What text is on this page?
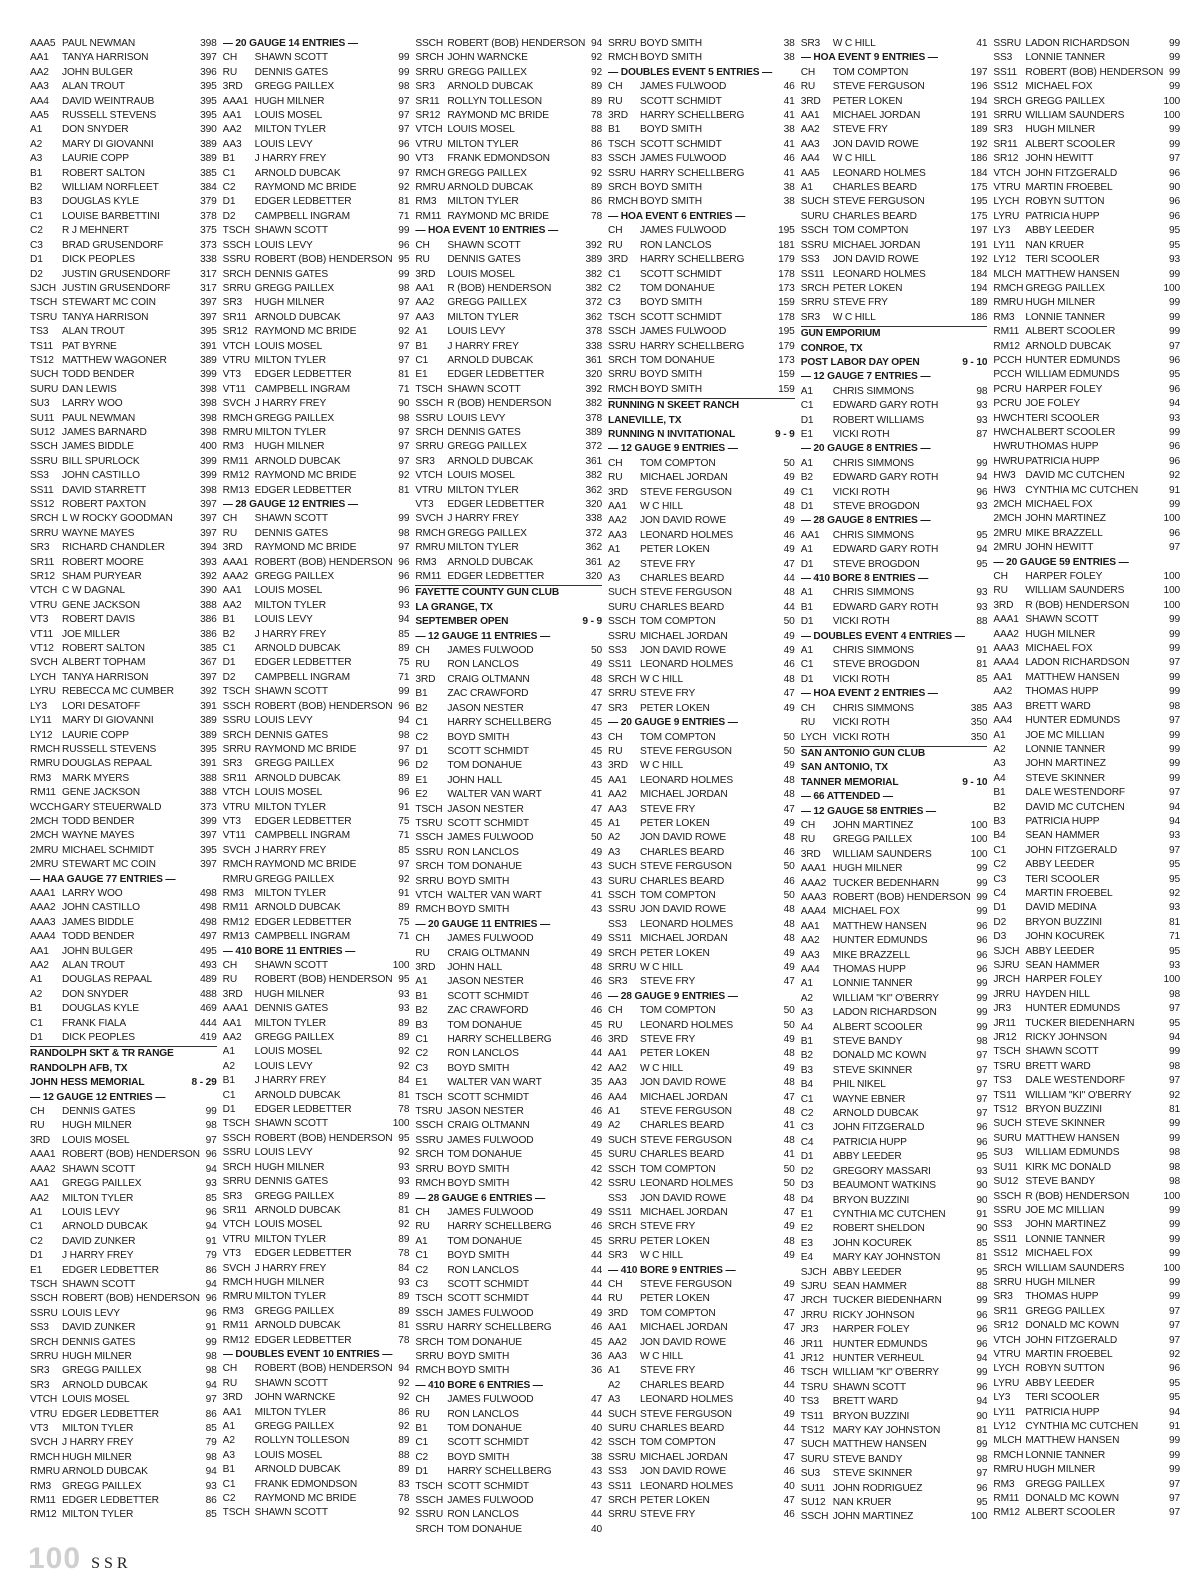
AAA5 PAUL NEWMAN	398
AA1	TANYA HARRISON	397
AA2	JOHN BULGER	396
AA3	ALAN TROUT	395
AA4	DAVID WEINTRAUB	395
AA5	RUSSELL STEVENS	395
A1	DON SNYDER	390
A2	MARY DI GIOVANNI	389
A3	LAURIE COPP	389
B1	ROBERT SALTON	385
B2	WILLIAM NORFLEET	384
B3	DOUGLAS KYLE	379
C1	LOUISE BARBETTINI	378
C2	R J MEHNERT	375
C3	BRAD GRUSENDORF	373
D1	DICK PEOPLES	338
D2	JUSTIN GRUSENDORF	317
SJCH JUSTIN GRUSENDORF	317
TSCH STEWART MC COIN	397
TSRU TANYA HARRISON	397
TS3	ALAN TROUT	395
TS11 PAT BYRNE	391
TS12 MATTHEW WAGONER	389
SUCH TODD BENDER	399
SURU DAN LEWIS	398
SU3	LARRY WOO	398
SU11 PAUL NEWMAN	398
SU12 JAMES BARNARD	398
SSCH JAMES BIDDLE	400
SSRU BILL SPURLOCK	399
SS3	JOHN CASTILLO	399
SS11 DAVID STARRETT	398
SS12 ROBERT PAXTON	397
SRCH L W ROCKY GOODMAN	397
SRRU WAYNE MAYES	397
SR3	RICHARD CHANDLER	394
SR11 ROBERT MOORE	393
SR12 SHAM PURYEAR	392
VTCH C W DAGNAL	390
VTRU GENE JACKSON	388
VT3	ROBERT DAVIS	386
VT11 JOE MILLER	386
VT12 ROBERT SALTON	385
SVCH ALBERT TOPHAM	367
LYCH TANYA HARRISON	397
LYRU REBECCA MC CUMBER	392
LY3	LORI DESATOFF	391
LY11	MARY DI GIOVANNI	389
LY12 LAURIE COPP	389
RMCH RUSSELL STEVENS	395
RMRU DOUGLAS REPAAL	391
RM3	MARK MYERS	388
RM11 GENE JACKSON	388
WCCH GARY STEUERWALD	373
2MCH TODD BENDER	399
2MCH WAYNE MAYES	397
2MRU MICHAEL SCHMIDT	395
2MRU STEWART MC COIN	397
— HAA GAUGE 77 ENTRIES —
AAA1 LARRY WOO	498
AAA2 JOHN CASTILLO	498
AAA3 JAMES BIDDLE	498
AAA4 TODD BENDER	497
AA1	JOHN BULGER	495
AA2	ALAN TROUT	493
A1	DOUGLAS REPAAL	489
A2	DON SNYDER	488
B1	DOUGLAS KYLE	469
C1	FRANK FIALA	444
D1	DICK PEOPLES	419
RANDOLPH SKT & TR RANGE
RANDOLPH AFB, TX
JOHN HESS MEMORIAL	8 - 29
— 12 GAUGE 12 ENTRIES —
CH	DENNIS GATES	99
RU	HUGH MILNER	98
3RD	LOUIS MOSEL	97
AAA1 ROBERT (BOB) HENDERSON 96
AAA2 SHAWN SCOTT	94
AA1	GREGG PAILLEX	93
AA2	MILTON TYLER	85
A1	LOUIS LEVY	96
C1	ARNOLD DUBCAK	94
C2	DAVID ZUNKER	91
D1	J HARRY FREY	79
E1	EDGER LEDBETTER	86
TSCH SHAWN SCOTT	94
SSCH ROBERT (BOB) HENDERSON 96
SSRU LOUIS LEVY	96
SS3	DAVID ZUNKER	91
SRCH DENNIS GATES	99
SRRU HUGH MILNER	98
SR3	GREGG PAILLEX	98
SR3	ARNOLD DUBCAK	94
VTCH LOUIS MOSEL	97
VTRU EDGER LEDBETTER	86
VT3	MILTON TYLER	85
SVCH J HARRY FREY	79
RMCH HUGH MILNER	98
RMRU ARNOLD DUBCAK	94
RM3	GREGG PAILLEX	93
RM11 EDGER LEDBETTER	86
RM12 MILTON TYLER	85
— 20 GAUGE 14 ENTRIES —
CH	SHAWN SCOTT	99
RU	DENNIS GATES	99
3RD	GREGG PAILLEX	98
AAA1 HUGH MILNER	97
AA1	LOUIS MOSEL	97
AA2	MILTON TYLER	97
AA3	LOUIS LEVY	96
B1	J HARRY FREY	90
C1	ARNOLD DUBCAK	97
C2	RAYMOND MC BRIDE	92
D1	EDGER LEDBETTER	81
D2	CAMPBELL INGRAM	71
TSCH SHAWN SCOTT	99
SSCH LOUIS LEVY	96
SSRU ROBERT (BOB) HENDERSON 95
SRCH DENNIS GATES	99
SRRU GREGG PAILLEX	98
SR3	HUGH MILNER	97
SR11 ARNOLD DUBCAK	97
SR12 RAYMOND MC BRIDE	92
VTCH LOUIS MOSEL	97
VTRU MILTON TYLER	97
VT3	EDGER LEDBETTER	81
VT11 CAMPBELL INGRAM	71
SVCH J HARRY FREY	90
RMCH GREGG PAILLEX	98
RMRU MILTON TYLER	97
RM3	HUGH MILNER	97
RM11 ARNOLD DUBCAK	97
RM12 RAYMOND MC BRIDE	92
RM13 EDGER LEDBETTER	81
— 28 GAUGE 12 ENTRIES —
CH	SHAWN SCOTT	99
RU	DENNIS GATES	98
3RD	RAYMOND MC BRIDE	97
AAA1 ROBERT (BOB) HENDERSON 96
AAA2 GREGG PAILLEX	96
AA1	LOUIS MOSEL	96
AA2	MILTON TYLER	93
B1	LOUIS LEVY	94
B2	J HARRY FREY	85
C1	ARNOLD DUBCAK	89
D1	EDGER LEDBETTER	75
D2	CAMPBELL INGRAM	71
TSCH SHAWN SCOTT	99
SSCH ROBERT (BOB) HENDERSON 96
SSRU LOUIS LEVY	94
SRCH DENNIS GATES	98
SRRU RAYMOND MC BRIDE	97
SR3	GREGG PAILLEX	96
SR11 ARNOLD DUBCAK	89
VTCH LOUIS MOSEL	96
VTRU MILTON TYLER	91
VT3	EDGER LEDBETTER	75
VT11 CAMPBELL INGRAM	71
SVCH J HARRY FREY	85
RMCH RAYMOND MC BRIDE	97
RMRU GREGG PAILLEX	92
RM3	MILTON TYLER	91
RM11 ARNOLD DUBCAK	89
RM12 EDGER LEDBETTER	75
RM13 CAMPBELL INGRAM	71
— 410 BORE 11 ENTRIES —
CH	SHAWN SCOTT	100
RU	ROBERT (BOB) HENDERSON 95
3RD	HUGH MILNER	93
AAA1 DENNIS GATES	93
AA1	MILTON TYLER	89
AA2	GREGG PAILLEX	89
A1	LOUIS MOSEL	92
A2	LOUIS LEVY	92
B1	J HARRY FREY	84
C1	ARNOLD DUBCAK	81
D1	EDGER LEDBETTER	78
TSCH SHAWN SCOTT	100
SSCH ROBERT (BOB) HENDERSON 95
SSRU LOUIS LEVY	92
SRCH HUGH MILNER	93
SRRU DENNIS GATES	93
SR3	GREGG PAILLEX	89
SR11 ARNOLD DUBCAK	81
VTCH LOUIS MOSEL	92
VTRU MILTON TYLER	89
VT3	EDGER LEDBETTER	78
SVCH J HARRY FREY	84
RMCH HUGH MILNER	93
RMRU MILTON TYLER	89
RM3	GREGG PAILLEX	89
RM11 ARNOLD DUBCAK	81
RM12 EDGER LEDBETTER	78
— DOUBLES EVENT 10 ENTRIES —
CH	ROBERT (BOB) HENDERSON 94
RU	SHAWN SCOTT	92
3RD	JOHN WARNCKE	92
AA1	MILTON TYLER	86
A1	GREGG PAILLEX	92
A2	ROLLYN TOLLESON	89
A3	LOUIS MOSEL	88
B1	ARNOLD DUBCAK	89
C1	FRANK EDMONDSON	83
C2	RAYMOND MC BRIDE	78
TSCH SHAWN SCOTT	92
SSCH ROBERT (BOB) HENDERSON 94
SRCH JOHN WARNCKE	92
SRRU GREGG PAILLEX	92
SR3	ARNOLD DUBCAK	89
SR11 ROLLYN TOLLESON	89
SR12 RAYMOND MC BRIDE	78
VTCH LOUIS MOSEL	88
VTRU MILTON TYLER	86
VT3	FRANK EDMONDSON	83
RMCH GREGG PAILLEX	92
RMRU ARNOLD DUBCAK	89
RM3	MILTON TYLER	86
RM11 RAYMOND MC BRIDE	78
— HOA EVENT 10 ENTRIES —
CH	SHAWN SCOTT	392
RU	DENNIS GATES	389
3RD	LOUIS MOSEL	382
AA1	R (BOB) HENDERSON	382
AA2	GREGG PAILLEX	372
AA3	MILTON TYLER	362
A1	LOUIS LEVY	378
B1	J HARRY FREY	338
C1	ARNOLD DUBCAK	361
E1	EDGER LEDBETTER	320
TSCH SHAWN SCOTT	392
SSCH R (BOB) HENDERSON	382
SSRU LOUIS LEVY	378
SRCH DENNIS GATES	389
SRRU GREGG PAILLEX	372
SR3	ARNOLD DUBCAK	361
VTCH LOUIS MOSEL	382
VTRU MILTON TYLER	362
VT3	EDGER LEDBETTER	320
SVCH J HARRY FREY	338
RMCH GREGG PAILLEX	372
RMRU MILTON TYLER	362
RM3	ARNOLD DUBCAK	361
RM11 EDGER LEDBETTER	320
FAYETTE COUNTY GUN CLUB
LA GRANGE, TX
SEPTEMBER OPEN	9 - 9
— 12 GAUGE 11 ENTRIES —
CH	JAMES FULWOOD	50
RU	RON LANCLOS	49
3RD	CRAIG OLTMANN	48
B1	ZAC CRAWFORD	47
B2	JASON NESTER	47
C1	HARRY SCHELLBERG	45
C2	BOYD SMITH	43
D1	SCOTT SCHMIDT	45
D2	TOM DONAHUE	43
E1	JOHN HALL	45
E2	WALTER VAN WART	41
TSCH JASON NESTER	47
TSRU SCOTT SCHMIDT	45
SSCH JAMES FULWOOD	50
SSRU RON LANCLOS	49
SRCH TOM DONAHUE	43
SRRU BOYD SMITH	43
VTCH WALTER VAN WART	41
RMCH BOYD SMITH	43
— 20 GAUGE 11 ENTRIES —
CH	JAMES FULWOOD	49
RU	CRAIG OLTMANN	49
3RD	JOHN HALL	48
A1	JASON NESTER	46
B1	SCOTT SCHMIDT	46
B2	ZAC CRAWFORD	46
B3	TOM DONAHUE	45
C1	HARRY SCHELLBERG	46
C2	RON LANCLOS	44
C3	BOYD SMITH	42
E1	WALTER VAN WART	35
TSCH SCOTT SCHMIDT	46
TSRU JASON NESTER	46
SSCH CRAIG OLTMANN	49
SSRU JAMES FULWOOD	49
SRCH TOM DONAHUE	45
SRRU BOYD SMITH	42
RMCH BOYD SMITH	42
— 28 GAUGE 6 ENTRIES —
CH	JAMES FULWOOD	49
RU	HARRY SCHELLBERG	46
A1	TOM DONAHUE	45
C1	BOYD SMITH	44
C2	RON LANCLOS	44
C3	SCOTT SCHMIDT	44
TSCH SCOTT SCHMIDT	44
SSCH JAMES FULWOOD	49
SSRU HARRY SCHELLBERG	46
SRCH TOM DONAHUE	45
SRRU BOYD SMITH	36
RMCH BOYD SMITH	36
— 410 BORE 6 ENTRIES —
CH	JAMES FULWOOD	47
RU	RON LANCLOS	44
B1	TOM DONAHUE	40
C1	SCOTT SCHMIDT	42
C2	BOYD SMITH	38
D1	HARRY SCHELLBERG	43
TSCH SCOTT SCHMIDT	43
SSCH JAMES FULWOOD	47
SSRU RON LANCLOS	44
SRCH TOM DONAHUE	40
SRRU BOYD SMITH	38
RMCH BOYD SMITH	38
— DOUBLES EVENT 5 ENTRIES —
CH	JAMES FULWOOD	46
RU	SCOTT SCHMIDT	41
3RD	HARRY SCHELLBERG	41
B1	BOYD SMITH	38
TSCH SCOTT SCHMIDT	41
SSCH JAMES FULWOOD	46
SSRU HARRY SCHELLBERG	41
SRCH BOYD SMITH	38
RMCH BOYD SMITH	38
— HOA EVENT 6 ENTRIES —
CH	JAMES FULWOOD	195
RU	RON LANCLOS	181
3RD	HARRY SCHELLBERG	179
C1	SCOTT SCHMIDT	178
C2	TOM DONAHUE	173
C3	BOYD SMITH	159
TSCH SCOTT SCHMIDT	178
SSCH JAMES FULWOOD	195
SSRU HARRY SCHELLBERG	179
SRCH TOM DONAHUE	173
SRRU BOYD SMITH	159
RMCH BOYD SMITH	159
RUNNING N SKEET RANCH
LANEVILLE, TX
RUNNING N INVITATIONAL	9 - 9
— 12 GAUGE 9 ENTRIES —
CH	TOM COMPTON	50
RU	MICHAEL JORDAN	49
3RD	STEVE FERGUSON	49
AA1	W C HILL	48
AA2	JON DAVID ROWE	49
AA3	LEONARD HOLMES	46
A1	PETER LOKEN	49
A2	STEVE FRY	47
A3	CHARLES BEARD	44
SUCH STEVE FERGUSON	48
SURU CHARLES BEARD	44
SSCH TOM COMPTON	50
SSRU MICHAEL JORDAN	49
SS3	JON DAVID ROWE	49
SS11 LEONARD HOLMES	46
SRCH W C HILL	48
SRRU STEVE FRY	47
SR3	PETER LOKEN	49
— 20 GAUGE 9 ENTRIES —
CH	TOM COMPTON	50
RU	STEVE FERGUSON	50
3RD	W C HILL	49
AA1	LEONARD HOLMES	48
AA2	MICHAEL JORDAN	48
AA3	STEVE FRY	47
A1	PETER LOKEN	49
A2	JON DAVID ROWE	48
A3	CHARLES BEARD	46
SUCH STEVE FERGUSON	50
SURU CHARLES BEARD	46
SSCH TOM COMPTON	50
SSRU JON DAVID ROWE	48
SS3	LEONARD HOLMES	48
SS11 MICHAEL JORDAN	48
SRCH PETER LOKEN	49
SRRU W C HILL	49
SR3	STEVE FRY	47
— 28 GAUGE 9 ENTRIES —
CH	TOM COMPTON	50
RU	LEONARD HOLMES	50
3RD	STEVE FRY	49
AA1	PETER LOKEN	48
AA2	W C HILL	49
AA3	JON DAVID ROWE	48
AA4	MICHAEL JORDAN	47
A1	STEVE FERGUSON	48
A2	CHARLES BEARD	41
SUCH STEVE FERGUSON	48
SURU CHARLES BEARD	41
SSCH TOM COMPTON	50
SSRU LEONARD HOLMES	50
SS3	JON DAVID ROWE	48
SS11 MICHAEL JORDAN	47
SRCH STEVE FRY	49
SRRU PETER LOKEN	48
SR3	W C HILL	49
— 410 BORE 9 ENTRIES —
CH	STEVE FERGUSON	49
RU	PETER LOKEN	47
3RD	TOM COMPTON	47
AA1	MICHAEL JORDAN	47
AA2	JON DAVID ROWE	46
AA3	W C HILL	41
A1	STEVE FRY	46
A2	CHARLES BEARD	44
A3	LEONARD HOLMES	40
SUCH STEVE FERGUSON	49
SURU CHARLES BEARD	44
SSCH TOM COMPTON	47
SSRU MICHAEL JORDAN	47
SS3	JON DAVID ROWE	46
SS11 LEONARD HOLMES	40
SRCH PETER LOKEN	47
SRRU STEVE FRY	46
SR3	W C HILL	41
— HOA EVENT 9 ENTRIES —
CH	TOM COMPTON	197
RU	STEVE FERGUSON	196
3RD	PETER LOKEN	194
AA1	MICHAEL JORDAN	191
AA2	STEVE FRY	189
AA3	JON DAVID ROWE	192
AA4	W C HILL	186
AA5	LEONARD HOLMES	184
A1	CHARLES BEARD	175
SUCH STEVE FERGUSON	195
SURU CHARLES BEARD	175
SSCH TOM COMPTON	197
SSRU MICHAEL JORDAN	191
SS3	JON DAVID ROWE	192
SS11 LEONARD HOLMES	184
SRCH PETER LOKEN	194
SRRU STEVE FRY	189
SR3	W C HILL	186
GUN EMPORIUM
CONROE, TX
POST LABOR DAY OPEN	9 - 10
— 12 GAUGE 7 ENTRIES —
A1	CHRIS SIMMONS	98
C1	EDWARD GARY ROTH	93
D1	ROBERT WILLIAMS	93
E1	VICKI ROTH	87
— 20 GAUGE 8 ENTRIES —
A1	CHRIS SIMMONS	99
B2	EDWARD GARY ROTH	94
C1	VICKI ROTH	96
D1	STEVE BROGDON	93
— 28 GAUGE 8 ENTRIES —
AA1	CHRIS SIMMONS	95
A1	EDWARD GARY ROTH	94
D1	STEVE BROGDON	95
— 410 BORE 8 ENTRIES —
A1	CHRIS SIMMONS	93
B1	EDWARD GARY ROTH	93
D1	VICKI ROTH	88
— DOUBLES EVENT 4 ENTRIES —
A1	CHRIS SIMMONS	91
C1	STEVE BROGDON	81
D1	VICKI ROTH	85
— HOA EVENT 2 ENTRIES —
CH	CHRIS SIMMONS	385
RU	VICKI ROTH	350
LYCH VICKI ROTH	350
SAN ANTONIO GUN CLUB
SAN ANTONIO, TX
TANNER MEMORIAL	9 - 10
— 66 ATTENDED —
— 12 GAUGE 58 ENTRIES —
CH	JOHN MARTINEZ	100
RU	GREGG PAILLEX	100
3RD	WILLIAM SAUNDERS	100
AAA1 HUGH MILNER	99
AAA2 TUCKER BEDENHARN	99
AAA3 ROBERT (BOB) HENDERSON 99
AAA4 MICHAEL FOX	99
AA1	MATTHEW HANSEN	96
AA2	HUNTER EDMUNDS	96
AA3	MIKE BRAZZELL	96
AA4	THOMAS HUPP	96
A1	LONNIE TANNER	99
A2	WILLIAM "KI" O'BERRY	99
A3	LADON RICHARDSON	99
A4	ALBERT SCOOLER	99
B1	STEVE BANDY	98
B2	DONALD MC KOWN	97
B3	STEVE SKINNER	97
B4	PHIL NIKEL	97
C1	WAYNE EBNER	97
C2	ARNOLD DUBCAK	97
C3	JOHN FITZGERALD	96
C4	PATRICIA HUPP	96
D1	ABBY LEEDER	95
D2	GREGORY MASSARI	93
D3	BEAUMONT WATKINS	90
D4	BRYON BUZZINI	90
E1	CYNTHIA MC CUTCHEN	91
E2	ROBERT SHELDON	90
E3	JOHN KOCUREK	85
E4	MARY KAY JOHNSTON	81
SJCH ABBY LEEDER	95
SJRU SEAN HAMMER	88
JRCH TUCKER BIEDENHARN	99
JRRU RICKY JOHNSON	96
JR3	HARPER FOLEY	96
JR11 HUNTER EDMUNDS	96
JR12 HUNTER VERHEUL	94
TSCH WILLIAM "KI" O'BERRY	99
TSRU SHAWN SCOTT	96
TS3	BRETT WARD	94
TS11 BRYON BUZZINI	90
TS12 MARY KAY JOHNSTON	81
SUCH MATTHEW HANSEN	99
SURU STEVE BANDY	98
SU3	STEVE SKINNER	97
SU11 JOHN RODRIGUEZ	96
SU12 NAN KRUER	95
SSCH JOHN MARTINEZ	100
SSRU LADON RICHARDSON	99
SS3	LONNIE TANNER	99
SS11 ROBERT (BOB) HENDERSON 99
SS12 MICHAEL FOX	99
SRCH GREGG PAILLEX	100
SRRU WILLIAM SAUNDERS	100
SR3	HUGH MILNER	99
SR11 ALBERT SCOOLER	99
SR12 JOHN HEWITT	97
VTCH JOHN FITZGERALD	96
VTRU MARTIN FROEBEL	90
LYCH ROBYN SUTTON	96
LYRU PATRICIA HUPP	96
LY3	ABBY LEEDER	95
LY11	NAN KRUER	95
LY12 TERI SCOOLER	93
MLCH MATTHEW HANSEN	99
RMCH GREGG PAILLEX	100
RMRU HUGH MILNER	99
RM3	LONNIE TANNER	99
RM11 ALBERT SCOOLER	99
RM12 ARNOLD DUBCAK	97
PCCH HUNTER EDMUNDS	96
PCCH WILLIAM EDMUNDS	95
PCRU HARPER FOLEY	96
PCRU JOE FOLEY	94
HWCH TERI SCOOLER	93
HWCH ALBERT SCOOLER	99
HWRU THOMAS HUPP	96
HWRU PATRICIA HUPP	96
HW3 DAVID MC CUTCHEN	92
HW3 CYNTHIA MC CUTCHEN	91
2MCH MICHAEL FOX	99
2MCH JOHN MARTINEZ	100
2MRU MIKE BRAZZELL	96
2MRU JOHN HEWITT	97
— 20 GAUGE 59 ENTRIES —
CH	HARPER FOLEY	100
RU	WILLIAM SAUNDERS	100
3RD	R (BOB) HENDERSON	100
AAA1 SHAWN SCOTT	99
AAA2 HUGH MILNER	99
AAA3 MICHAEL FOX	99
AAA4 LADON RICHARDSON	97
AA1	MATTHEW HANSEN	99
AA2	THOMAS HUPP	99
AA3	BRETT WARD	98
AA4	HUNTER EDMUNDS	97
A1	JOE MC MILLIAN	99
A2	LONNIE TANNER	99
A3	JOHN MARTINEZ	99
A4	STEVE SKINNER	99
B1	DALE WESTENDORF	97
B2	DAVID MC CUTCHEN	94
B3	PATRICIA HUPP	94
B4	SEAN HAMMER	93
C1	JOHN FITZGERALD	97
C2	ABBY LEEDER	95
C3	TERI SCOOLER	95
C4	MARTIN FROEBEL	92
D1	DAVID MEDINA	93
D2	BRYON BUZZINI	81
D3	JOHN KOCUREK	71
SJCH ABBY LEEDER	95
SJRU SEAN HAMMER	93
JRCH HARPER FOLEY	100
JRRU HAYDEN HILL	98
JR3	HUNTER EDMUNDS	97
JR11 TUCKER BIEDENHARN	95
JR12 RICKY JOHNSON	94
TSCH SHAWN SCOTT	99
TSRU BRETT WARD	98
TS3	DALE WESTENDORF	97
TS11 WILLIAM "KI" O'BERRY	92
TS12 BRYON BUZZINI	81
SUCH STEVE SKINNER	99
SURU MATTHEW HANSEN	99
SU3	WILLIAM EDMUNDS	98
SU11 KIRK MC DONALD	98
SU12 STEVE BANDY	98
SSCH R (BOB) HENDERSON	100
SSRU JOE MC MILLIAN	99
SS3	JOHN MARTINEZ	99
SS11 LONNIE TANNER	99
SS12 MICHAEL FOX	99
SRCH WILLIAM SAUNDERS	100
SRRU HUGH MILNER	99
SR3	THOMAS HUPP	99
SR11 GREGG PAILLEX	97
SR12 DONALD MC KOWN	97
VTCH JOHN FITZGERALD	97
VTRU MARTIN FROEBEL	92
LYCH ROBYN SUTTON	96
LYRU ABBY LEEDER	95
LY3	TERI SCOOLER	95
LY11	PATRICIA HUPP	94
LY12 CYNTHIA MC CUTCHEN	91
MLCH MATTHEW HANSEN	99
RMCH LONNIE TANNER	99
RMRU HUGH MILNER	99
RM3	GREGG PAILLEX	97
RM11 DONALD MC KOWN	97
RM12 ALBERT SCOOLER	97
100 SSR
